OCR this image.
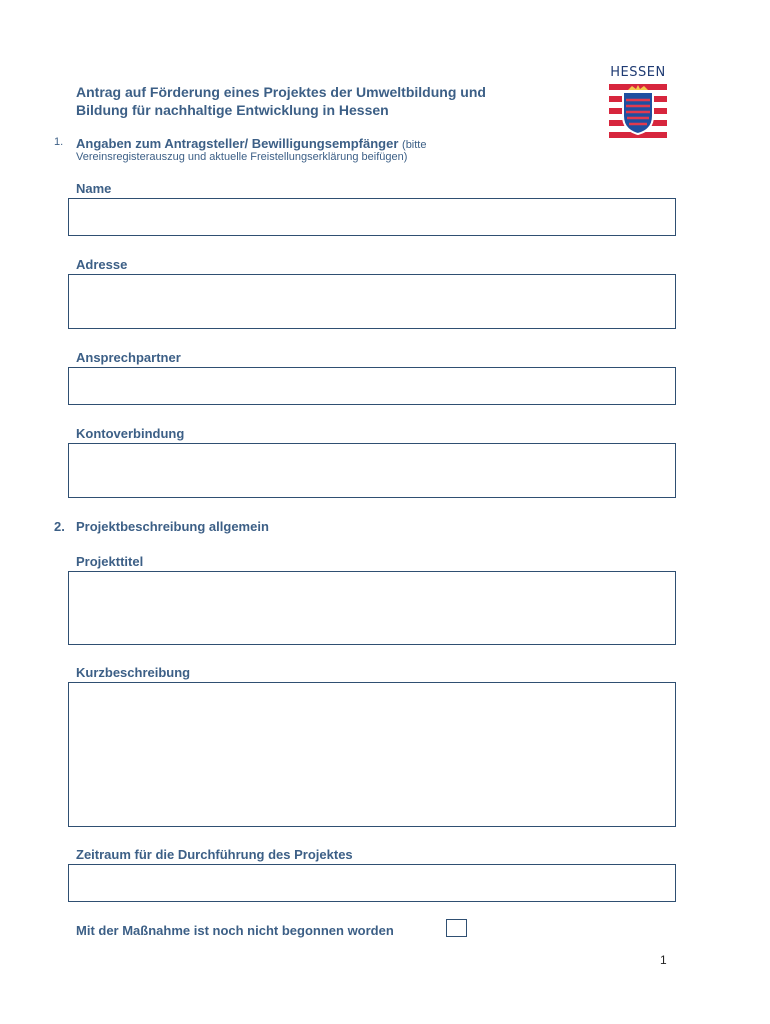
Antrag auf Förderung eines Projektes der Umweltbildung und
Bildung für nachhaltige Entwicklung in Hessen
HESSEN
1. Angaben zum Antragsteller/ Bewilligungsempfänger (bitte
Vereinsregisterauszug und aktuelle Freistellungserklärung beifügen)
Name
Adresse
Ansprechpartner
Kontoverbindung
2. Projektbeschreibung allgemein
Projekttitel
Kurzbeschreibung
Zeitraum für die Durchführung des Projektes
Mit der Maßnahme ist noch nicht begonnen worden
1
